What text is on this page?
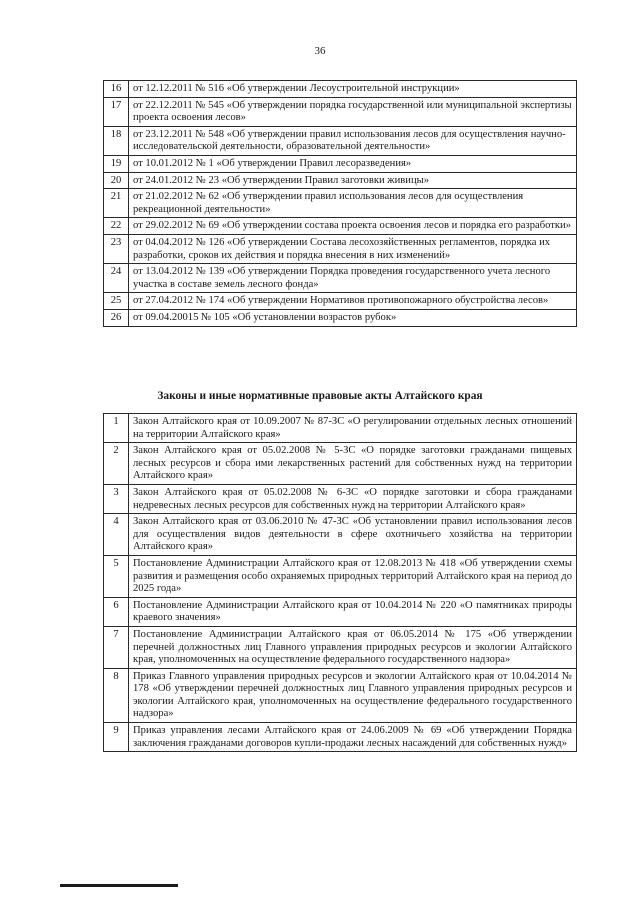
36
16	от 12.12.2011 № 516 «Об утверждении Лесоустроительной инструкции»
17	от 22.12.2011 № 545 «Об утверждении порядка государственной или муниципальной экспертизы проекта освоения лесов»
18	от 23.12.2011 № 548 «Об утверждении правил использования лесов для осуществления научно-исследовательской деятельности, образовательной деятельности»
19	от 10.01.2012 № 1 «Об утверждении Правил лесоразведения»
20	от 24.01.2012 № 23 «Об утверждении Правил заготовки живицы»
21	от 21.02.2012 № 62 «Об утверждении правил использования лесов для осуществления рекреационной деятельности»
22	от 29.02.2012 № 69 «Об утверждении состава проекта освоения лесов и порядка его разработки»
23	от 04.04.2012 № 126 «Об утверждении Состава лесохозяйственных регламентов, порядка их разработки, сроков их действия и порядка внесения в них изменений»
24	от 13.04.2012 № 139 «Об утверждении Порядка проведения государственного учета лесного участка в составе земель лесного фонда»
25	от 27.04.2012 № 174 «Об утверждении Нормативов противопожарного обустройства лесов»
26	от 09.04.20015 № 105 «Об установлении возрастов рубок»
Законы и иные нормативные правовые акты Алтайского края
1	Закон Алтайского края от 10.09.2007 № 87-ЗС «О регулировании отдельных лесных отношений на территории Алтайского края»
2	Закон Алтайского края от 05.02.2008 № 5-ЗС «О порядке заготовки гражданами пищевых лесных ресурсов и сбора ими лекарственных растений для собственных нужд на территории Алтайского края»
3	Закон Алтайского края от 05.02.2008 № 6-ЗС «О порядке заготовки и сбора гражданами недревесных лесных ресурсов для собственных нужд на территории Алтайского края»
4	Закон Алтайского края от 03.06.2010 № 47-ЗС «Об установлении правил использования лесов для осуществления видов деятельности в сфере охотничьего хозяйства на территории Алтайского края»
5	Постановление Администрации Алтайского края от 12.08.2013 № 418 «Об утверждении схемы развития и размещения особо охраняемых природных территорий Алтайского края на период до 2025 года»
6	Постановление Администрации Алтайского края от 10.04.2014 № 220 «О памятниках природы краевого значения»
7	Постановление Администрации Алтайского края от 06.05.2014 № 175 «Об утверждении перечней должностных лиц Главного управления природных ресурсов и экологии Алтайского края, уполномоченных на осуществление федерального государственного надзора»
8	Приказ Главного управления природных ресурсов и экологии Алтайского края от 10.04.2014 № 178 «Об утверждении перечней должностных лиц Главного управления природных ресурсов и экологии Алтайского края, уполномоченных на осуществление федерального государственного надзора»
9	Приказ управления лесами Алтайского края от 24.06.2009 № 69 «Об утверждении Порядка заключения гражданами договоров купли-продажи лесных насаждений для собственных нужд»
